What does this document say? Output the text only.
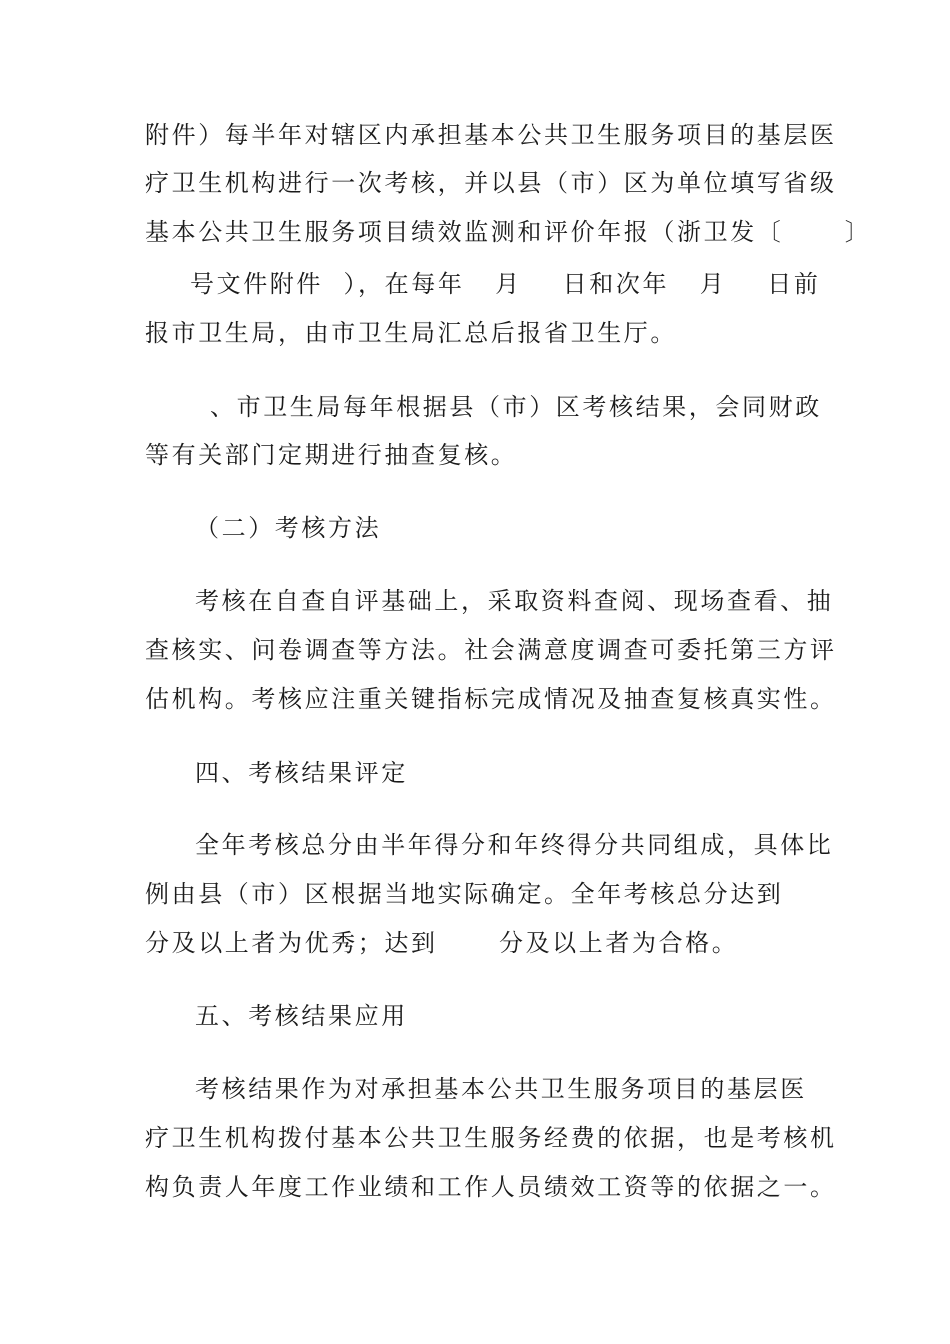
附件）每半年对辖区内承担基本公共卫生服务项目的基层医
疗卫生机构进行一次考核，并以县（市）区为单位填写省级
基本公共卫生服务项目绩效监测和评价年报（浙卫发〔      〕
号文件附件  ），在每年   月    日和次年   月    日前
报市卫生局，由市卫生局汇总后报省卫生厅。
、市卫生局每年根据县（市）区考核结果，会同财政
等有关部门定期进行抽查复核。
（二）考核方法
考核在自查自评基础上，采取资料查阅、现场查看、抽
查核实、问卷调查等方法。社会满意度调查可委托第三方评
估机构。考核应注重关键指标完成情况及抽查复核真实性。
四、考核结果评定
全年考核总分由半年得分和年终得分共同组成，具体比
例由县（市）区根据当地实际确定。全年考核总分达到
分及以上者为优秀；达到      分及以上者为合格。
五、考核结果应用
考核结果作为对承担基本公共卫生服务项目的基层医
疗卫生机构拨付基本公共卫生服务经费的依据，也是考核机
构负责人年度工作业绩和工作人员绩效工资等的依据之一。
